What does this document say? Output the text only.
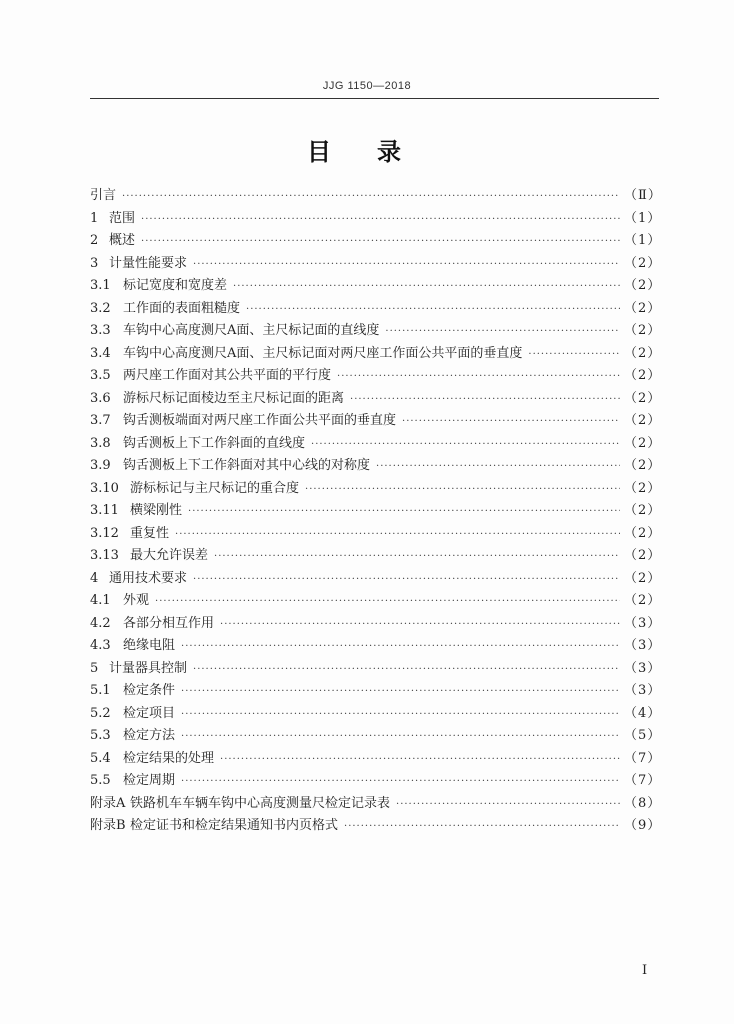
JJG 1150—2018
目录
引言 ·····	（Ⅱ）
1 范围 ·····	（1）
2 概述 ·····	（1）
3 计量性能要求 ·····	（2）
3.1 标记宽度和宽度差 ·····	（2）
3.2 工作面的表面粗糙度 ·····	（2）
3.3 车钩中心高度测尺A面、主尺标记面的直线度 ·····	（2）
3.4 车钩中心高度测尺A面、主尺标记面对两尺座工作面公共平面的垂直度 ·····	（2）
3.5 两尺座工作面对其公共平面的平行度 ·····	（2）
3.6 游标尺标记面棱边至主尺标记面的距离 ·····	（2）
3.7 钩舌测板端面对两尺座工作面公共平面的垂直度 ·····	（2）
3.8 钩舌测板上下工作斜面的直线度 ·····	（2）
3.9 钩舌测板上下工作斜面对其中心线的对称度 ·····	（2）
3.10 游标标记与主尺标记的重合度 ·····	（2）
3.11 横梁刚性 ·····	（2）
3.12 重复性 ·····	（2）
3.13 最大允许误差 ·····	（2）
4 通用技术要求 ·····	（2）
4.1 外观 ·····	（2）
4.2 各部分相互作用 ·····	（3）
4.3 绝缘电阻 ·····	（3）
5 计量器具控制 ·····	（3）
5.1 检定条件 ·····	（3）
5.2 检定项目 ·····	（4）
5.3 检定方法 ·····	（5）
5.4 检定结果的处理 ·····	（7）
5.5 检定周期 ·····	（7）
附录A 铁路机车车辆车钩中心高度测量尺检定记录表 ·····	（8）
附录B 检定证书和检定结果通知书内页格式 ·····	（9）
Ⅰ
